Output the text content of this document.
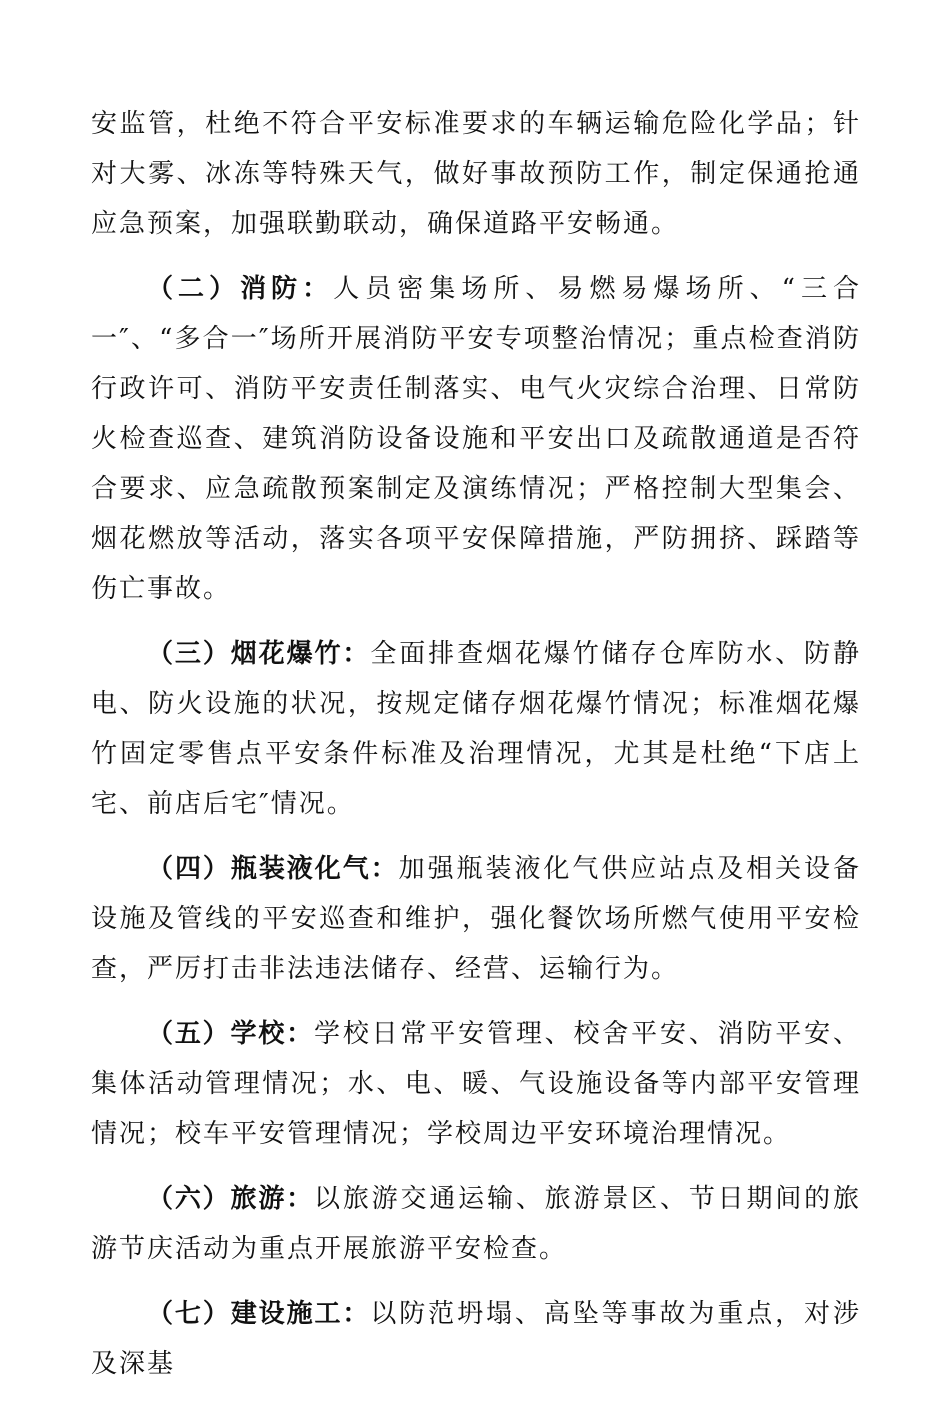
安监管，杜绝不符合平安标准要求的车辆运输危险化学品；针对大雾、冰冻等特殊天气，做好事故预防工作，制定保通抢通应急预案，加强联勤联动，确保道路平安畅通。

（二）消防：人员密集场所、易燃易爆场所、“三合一″、“多合一″场所开展消防平安专项整治情况；重点检查消防行政许可、消防平安责任制落实、电气火灾综合治理、日常防火检查巡查、建筑消防设备设施和平安出口及疏散通道是否符合要求、应急疏散预案制定及演练情况；严格控制大型集会、烟花燃放等活动，落实各项平安保障措施，严防拥挤、踩踏等伤亡事故。

（三）烟花爆竹：全面排查烟花爆竹储存仓库防水、防静电、防火设施的状况，按规定储存烟花爆竹情况；标准烟花爆竹固定零售点平安条件标准及治理情况，尤其是杜绝“下店上宅、前店后宅″情况。

（四）瓶装液化气：加强瓶装液化气供应站点及相关设备设施及管线的平安巡查和维护，强化餐饮场所燃气使用平安检查，严厉打击非法违法储存、经营、运输行为。

（五）学校：学校日常平安管理、校舍平安、消防平安、集体活动管理情况；水、电、暖、气设施设备等内部平安管理情况；校车平安管理情况；学校周边平安环境治理情况。

（六）旅游：以旅游交通运输、旅游景区、节日期间的旅游节庆活动为重点开展旅游平安检查。

（七）建设施工：以防范坍塌、高坠等事故为重点，对涉及深基
